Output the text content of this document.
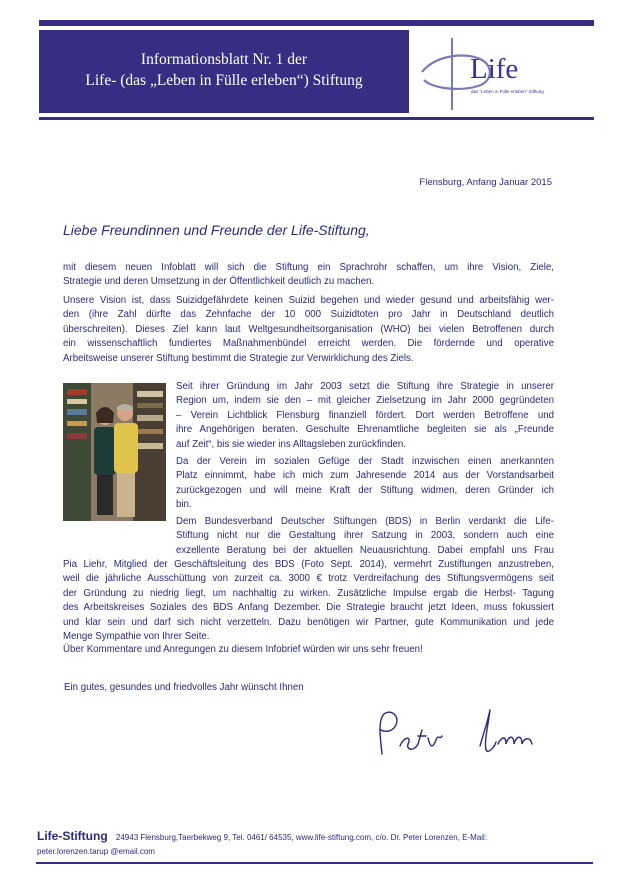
Informationsblatt Nr. 1 der
Life- (das „Leben in Fülle erleben“) Stiftung	Life
das "Leben in Fülle erleben" Stiftung
Flensburg, Anfang Januar 2015
Liebe Freundinnen und Freunde der Life-Stiftung,
mit diesem neuen Infoblatt will sich die Stiftung ein Sprachrohr schaffen, um ihre Vision, Ziele,
Strategie und deren Umsetzung in der Öffentlichkeit deutlich zu machen.
Unsere Vision ist, dass Suizidgefährdete keinen Suizid begehen und wieder gesund und arbeitsfähig wer-
den (ihre Zahl dürfte das Zehnfache der 10 000 Suizidtoten pro Jahr in Deutschland deutlich
überschreiten). Dieses Ziel kann laut Weltgesundheitsorganisation (WHO) bei vielen Betroffenen durch
ein wissenschaftlich fundiertes Maßnahmenbündel erreicht werden. Die fördernde und operative
Arbeitsweise unserer Stiftung bestimmt die Strategie zur Verwirklichung des Ziels.
Seit ihrer Gründung im Jahr 2003 setzt die Stiftung ihre Strategie in unserer
Region um, indem sie den – mit gleicher Zielsetzung im Jahr 2000 gegründeten
– Verein Lichtblick Flensburg finanziell fördert. Dort werden Betroffene und
ihre Angehörigen beraten. Geschulte Ehrenamtliche begleiten sie als „Freunde
auf Zeit“, bis sie wieder ins Alltagsleben zurückfinden.
Da der Verein im sozialen Gefüge der Stadt inzwischen einen anerkannten
Platz einnimmt, habe ich mich zum Jahresende 2014 aus der Vorstandsarbeit
zurückgezogen und will meine Kraft der Stiftung widmen, deren Gründer ich
bin.
Dem Bundesverband Deutscher Stiftungen (BDS) in Berlin verdankt die Life-
Stiftung nicht nur die Gestaltung ihrer Satzung in 2003, sondern auch eine
exzellente Beratung bei der aktuellen Neuausrichtung. Dabei empfahl uns Frau
Pia Liehr, Mitglied der Geschäftsleitung des BDS (Foto Sept. 2014), vermehrt Zustiftungen anzustreben,
weil die jährliche Ausschüttung von zurzeit ca. 3000 € trotz Verdreifachung des Stiftungsvermögens seit
der Gründung zu niedrig liegt, um nachhaltig zu wirken. Zusätzliche Impulse ergab die Herbst- Tagung
des Arbeitskreises Soziales des BDS Anfang Dezember. Die Strategie braucht jetzt Ideen, muss fokussiert
und klar sein und darf sich nicht verzetteln. Dazu benötigen wir Partner, gute Kommunikation und jede
Menge Sympathie von Ihrer Seite.
Über Kommentare und Anregungen zu diesem Infobrief würden wir uns sehr freuen!
Ein gutes, gesundes und friedvolles Jahr wünscht Ihnen
Life-Stiftung 24943 Flensburg,Taerbekweg 9, Tel. 0461/ 64535, www.life-stiftung.com, c/o. Dr. Peter Lorenzen, E-Mail:
peter.lorenzen.tarup @email.com
